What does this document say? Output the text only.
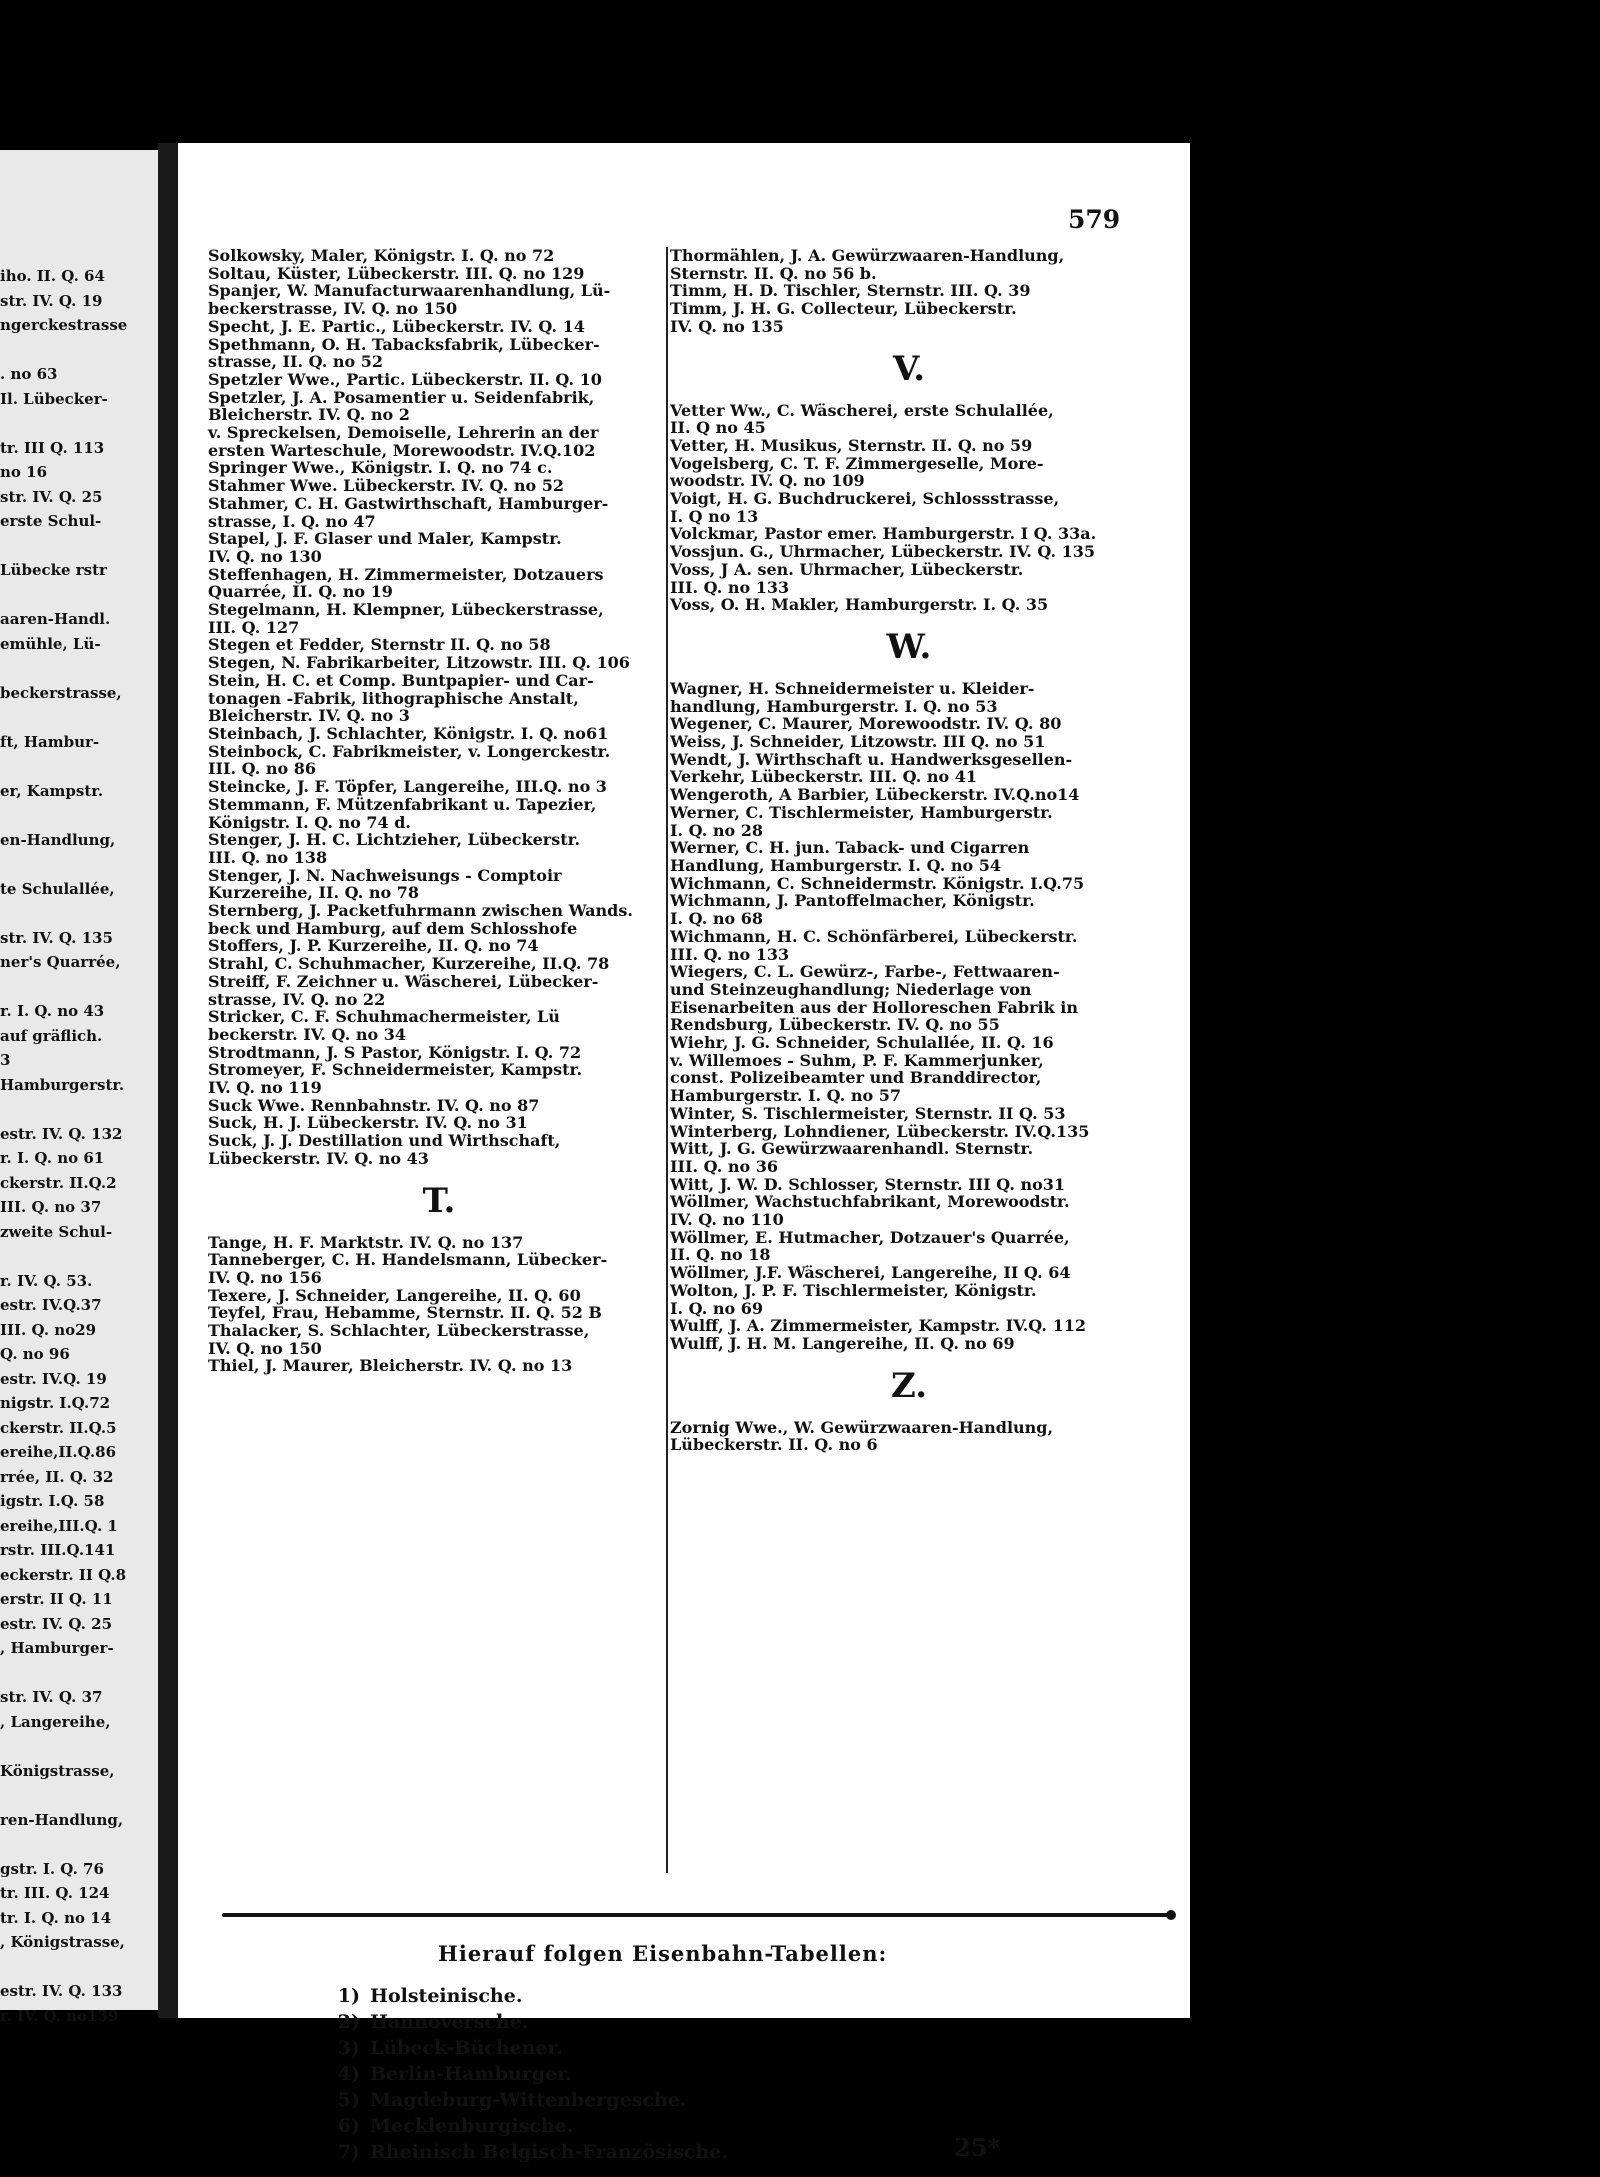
iho. II. Q. 64
str. IV. Q. 19
ngerckestrasse
. no 63
Il. Lübecker-
tr. III Q. 113
no 16
str. IV. Q. 25
erste Schul-
Lübecke rstr
aaren-Handl.
emühle, Lü-
beckerstrasse,
ft, Hambur-
er, Kampstr.
en-Handlung,
te Schulallée,
str. IV. Q. 135
ner's Quarrée,
r. I. Q. no 43
auf gräflich.
3
Hamburgerstr.
estr. IV. Q. 132
r. I. Q. no 61
ckerstr. II.Q.2
III. Q. no 37
zweite Schul-
r. IV. Q. 53.
estr. IV.Q.37
III. Q. no29
Q. no 96
estr. IV.Q. 19
nigstr. I.Q.72
ckerstr. II.Q.5
ereihe,II.Q.86
rrée, II. Q. 32
igstr. I.Q. 58
ereihe,III.Q. 1
rstr. III.Q.141
eckerstr. II Q.8
erstr. II Q. 11
estr. IV. Q. 25
, Hamburger-
str. IV. Q. 37
, Langereihe,
Königstrasse,
ren-Handlung,
gstr. I. Q. 76
tr. III. Q. 124
tr. I. Q. no 14
, Königstrasse,
estr. IV. Q. 133
r. IV. Q. no139
579
Solkowsky, Maler, Königstr. I. Q. no 72
Soltau, Küster, Lübeckerstr. III. Q. no 129
Spanjer, W. Manufacturwaarenhandlung, Lü-
beckerstrasse, IV. Q. no 150
Specht, J. E. Partic., Lübeckerstr. IV. Q. 14
Spethmann, O. H. Tabacksfabrik, Lübecker-
strasse, II. Q. no 52
Spetzler Wwe., Partic. Lübeckerstr. II. Q. 10
Spetzler, J. A. Posamentier u. Seidenfabrik,
Bleicherstr. IV. Q. no 2
v. Spreckelsen, Demoiselle, Lehrerin an der
ersten Warteschule, Morewoodstr. IV.Q.102
Springer Wwe., Königstr. I. Q. no 74 c.
Stahmer Wwe. Lübeckerstr. IV. Q. no 52
Stahmer, C. H. Gastwirthschaft, Hamburger-
strasse, I. Q. no 47
Stapel, J. F. Glaser und Maler, Kampstr.
IV. Q. no 130
Steffenhagen, H. Zimmermeister, Dotzauers
Quarrée, II. Q. no 19
Stegelmann, H. Klempner, Lübeckerstrasse,
III. Q. 127
Stegen et Fedder, Sternstr II. Q. no 58
Stegen, N. Fabrikarbeiter, Litzowstr. III. Q. 106
Stein, H. C. et Comp. Buntpapier- und Car-
tonagen -Fabrik, lithographische Anstalt,
Bleicherstr. IV. Q. no 3
Steinbach, J. Schlachter, Königstr. I. Q. no61
Steinbock, C. Fabrikmeister, v. Longerckestr.
III. Q. no 86
Steincke, J. F. Töpfer, Langereihe, III.Q. no 3
Stemmann, F. Mützenfabrikant u. Tapezier,
Königstr. I. Q. no 74 d.
Stenger, J. H. C. Lichtzieher, Lübeckerstr.
III. Q. no 138
Stenger, J. N. Nachweisungs - Comptoir
Kurzereihe, II. Q. no 78
Sternberg, J. Packetfuhrmann zwischen Wands.
beck und Hamburg, auf dem Schlosshofe
Stoffers, J. P. Kurzereihe, II. Q. no 74
Strahl, C. Schuhmacher, Kurzereihe, II.Q. 78
Streiff, F. Zeichner u. Wäscherei, Lübecker-
strasse, IV. Q. no 22
Stricker, C. F. Schuhmachermeister, Lü
beckerstr. IV. Q. no 34
Strodtmann, J. S Pastor, Königstr. I. Q. 72
Stromeyer, F. Schneidermeister, Kampstr.
IV. Q. no 119
Suck Wwe. Rennbahnstr. IV. Q. no 87
Suck, H. J. Lübeckerstr. IV. Q. no 31
Suck, J. J. Destillation und Wirthschaft,
Lübeckerstr. IV. Q. no 43
T.
Tange, H. F. Marktstr. IV. Q. no 137
Tanneberger, C. H. Handelsmann, Lübecker-
IV. Q. no 156
Texere, J. Schneider, Langereihe, II. Q. 60
Teyfel, Frau, Hebamme, Sternstr. II. Q. 52 B
Thalacker, S. Schlachter, Lübeckerstrasse,
IV. Q. no 150
Thiel, J. Maurer, Bleicherstr. IV. Q. no 13
Thormählen, J. A. Gewürzwaaren-Handlung,
Sternstr. II. Q. no 56 b.
Timm, H. D. Tischler, Sternstr. III. Q. 39
Timm, J. H. G. Collecteur, Lübeckerstr.
IV. Q. no 135
V.
Vetter Ww., C. Wäscherei, erste Schulallée,
II. Q no 45
Vetter, H. Musikus, Sternstr. II. Q. no 59
Vogelsberg, C. T. F. Zimmergeselle, More-
woodstr. IV. Q. no 109
Voigt, H. G. Buchdruckerei, Schlossstrasse,
I. Q no 13
Volckmar, Pastor emer. Hamburgerstr. I Q. 33a.
Vossjun. G., Uhrmacher, Lübeckerstr. IV. Q. 135
Voss, J A. sen. Uhrmacher, Lübeckerstr.
III. Q. no 133
Voss, O. H. Makler, Hamburgerstr. I. Q. 35
W.
Wagner, H. Schneidermeister u. Kleider-
handlung, Hamburgerstr. I. Q. no 53
Wegener, C. Maurer, Morewoodstr. IV. Q. 80
Weiss, J. Schneider, Litzowstr. III Q. no 51
Wendt, J. Wirthschaft u. Handwerksgesellen-
Verkehr, Lübeckerstr. III. Q. no 41
Wengeroth, A Barbier, Lübeckerstr. IV.Q.no14
Werner, C. Tischlermeister, Hamburgerstr.
I. Q. no 28
Werner, C. H. jun. Taback- und Cigarren
Handlung, Hamburgerstr. I. Q. no 54
Wichmann, C. Schneidermstr. Königstr. I.Q.75
Wichmann, J. Pantoffelmacher, Königstr.
I. Q. no 68
Wichmann, H. C. Schönfärberei, Lübeckerstr.
III. Q. no 133
Wiegers, C. L. Gewürz-, Farbe-, Fettwaaren-
und Steinzeughandlung; Niederlage von
Eisenarbeiten aus der Holloreschen Fabrik in
Rendsburg, Lübeckerstr. IV. Q. no 55
Wiehr, J. G. Schneider, Schulallée, II. Q. 16
v. Willemoes - Suhm, P. F. Kammerjunker,
const. Polizeibeamter und Branddirector,
Hamburgerstr. I. Q. no 57
Winter, S. Tischlermeister, Sternstr. II Q. 53
Winterberg, Lohndiener, Lübeckerstr. IV.Q.135
Witt, J. G. Gewürzwaarenhandl. Sternstr.
III. Q. no 36
Witt, J. W. D. Schlosser, Sternstr. III Q. no31
Wöllmer, Wachstuchfabrikant, Morewoodstr.
IV. Q. no 110
Wöllmer, E. Hutmacher, Dotzauer's Quarrée,
II. Q. no 18
Wöllmer, J.F. Wäscherei, Langereihe, II Q. 64
Wolton, J. P. F. Tischlermeister, Königstr.
I. Q. no 69
Wulff, J. A. Zimmermeister, Kampstr. IV.Q. 112
Wulff, J. H. M. Langereihe, II. Q. no 69
Z.
Zornig Wwe., W. Gewürzwaaren-Handlung,
Lübeckerstr. II. Q. no 6
Hierauf folgen Eisenbahn-Tabellen:
1) Holsteinische.
2) Hannoversche.
3) Lübeck-Büchener.
4) Berlin-Hamburger.
5) Magdeburg-Wittenbergesche.
6) Mecklenburgische.
7) Rheinisch Belgisch-Französische.	25*
